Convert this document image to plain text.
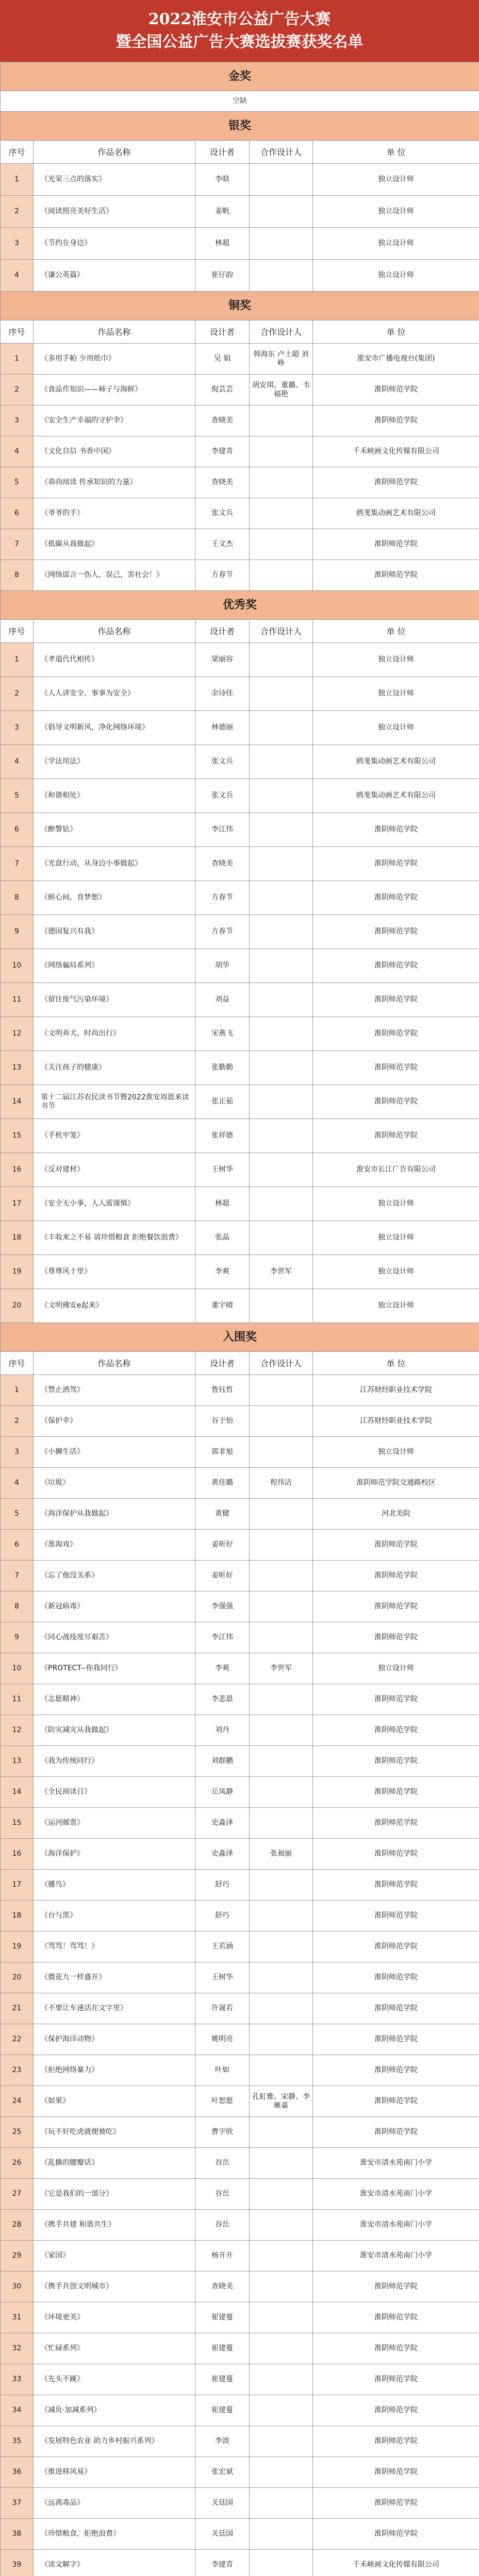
2022淮安市公益广告大赛
暨全国公益广告大赛选拔赛获奖名单
金奖				
空缺				
银奖				
序号	作品名称	设计者	合作设计人	单 位
1	《光荣三点的落实》	李晗		独立设计师
2	《阅读照亮美好生活》	姜帆		独立设计师
3	《节约在身边》	林超		独立设计师
4	《谦公英篇》	崔仔韵		独立设计师
铜奖				
序号	作品名称	设计者	合作设计人	单 位
1	《多用手帕 少用纸巾》	吴 娟	韩海东 卢士超 刘 峥	淮安市广播电视台(集团)
2	《食品作知识——柿子与海鲜》	倪芸芸	胡安琪、董璐、韦福艳	淮阴师范学院
3	《安全生产幸福的守护伞》	查晓美		淮阴师范学院
4	《文化自信 书香中国》	李建青		千禾峡画文化传媒有限公司
5	《恭尚阅读 传承知识的力量》	查晓美		淮阴师范学院
6	《爷爷的手》	张文兵		鸥斐集动画艺术有限公司
7	《抵碳从我做起》	王文杰		淮阴师范学院
8	《网络谣言一伤人，误己，害社会！》	方春节		淮阴师范学院
优秀奖				
序号	作品名称	设计者	合作设计人	单 位
1	《孝道代代相传》	梁丽容		独立设计师
2	《人人讲安全、事事为安全》	余诗佳		独立设计师
3	《倡导文明新风，净化网络环境》	林德丽		独立设计师
4	《学法用法》	张文兵		鸥斐集动画艺术有限公司
5	《和谐相处》	张文兵		鸥斐集动画艺术有限公司
6	《醉警钻》	李江伟		淮阴师范学院
7	《光盘行动，从身边小事做起》	查晓美		淮阴师范学院
8	《鲜心间，育梦想》	方春节		淮阴师范学院
9	《德国复兴有我》	方春节		淮阴师范学院
10	《网络骗局系列》	胡华		淮阴师范学院
11	《留住废气污染环境》	刘益		淮阴师范学院
12	《文明养犬，时尚出行》	宋燕飞		淮阴师范学院
13	《关注孩子的健康》	张勤勤		淮阴师范学院
14	第十二届江苏农民读书节暨2022淮安周恩来读书节	张正茹		淮阴师范学院
15	《手机牢笼》	张祥德		淮阴师范学院
16	《反对建材》	王树华		淮安市长江广告有限公司
17	《安全无小事，人人需谨慎》	林超		独立设计师
18	《丰收来之不易 请珍惜粮食 拒绝餐饮浪费》	张晶		独立设计师
19	《尊尊风十里》	李爽	李世军	独立设计师
20	《文明佛安e起来》	董宇晴		独立设计师
入围奖				
序号	作品名称	设计者	合作设计人	单 位
1	《禁止酒驾》	鲁钰哲		江苏财经职业技术学院
2	《保护伞》	谷于怡		江苏财经职业技术学院
3	《小狮生活》	郭非旭		独立设计师
4	《垃圾》	黄佳璐	程伟洁	淮阴师范学院交通路校区
5	《海洋保护从我做起》	黄健		河北美院
6	《淮海戏》	姜昕好		淮阴师范学院
7	《忘了他没关系》	姜昕好		淮阴师范学院
8	《新冠病毒》	李强强		淮阴师范学院
9	《同心战疫度尽艰苦》	李江伟		淮阴师范学院
10	《PROTECT--你我同行》	李爽	李世军	独立设计师
11	《志愿精神》	李悲恩		淮阴师范学院
12	《防灾减灾从我做起》	刘丹		淮阴师范学院
13	《我为传统同行》	刘群鹏		淮阴师范学院
14	《全民阅读日》	丘凤静		淮阴师范学院
15	《运河邮票》	史淼泽		淮阴师范学院
16	《海洋保护》	史淼泽	张昶丽	淮阴师范学院
17	《播鸟》	舒巧		淮阴师范学院
18	《台与黑》	舒巧		淮阴师范学院
19	《骂骂！骂骂！》	王若涵		淮阴师范学院
20	《微花九一样盛开》	王树华		淮阴师范学院
21	《不要让车速活在文字里》	许晟若		淮阴师范学院
22	《保护海洋动物》	姚明亮		淮阴师范学院
23	《拒绝网络暴力》	叶如		淮阴师范学院
24	《如果》	叶恕愿	孔虹雅、宋静、李雁嘉	淮阴师范学院
25	《玩不好吃虎就便被吃》	曹宇欣		淮阴师范学院
26	《乱撕的腰瓣话》	谷岳		淮安市清水苑南门小学
27	《它是我们的一部分》	谷岳		淮安市清水苑南门小学
28	《携手共建 和谐共生》	谷岳		淮安市清水苑南门小学
29	《家国》	杨开开		淮安市清水苑南门小学
30	《携手共创文明城市》	查晓美		淮阴师范学院
31	《环境更美》	崔建蔓		淮阴师范学院
32	《忙碌系列》	崔建蔓		淮阴师范学院
33	《先头不蹊》	崔建蔓		淮阴师范学院
34	《减负·加减系列》	崔建蔓		淮阴师范学院
35	《发展特色农业 助力乡村振兴系列》	李波		淮阴师范学院
36	《推进移风易》	张宏斌		淮阴师范学院
37	《远离毒品》	关廷国		淮阴师范学院
38	《珍惜粮食，拒绝浪费》	关廷国		淮阴师范学院
39	《读文解字》	李建青		千禾峡画文化传媒有限公司
